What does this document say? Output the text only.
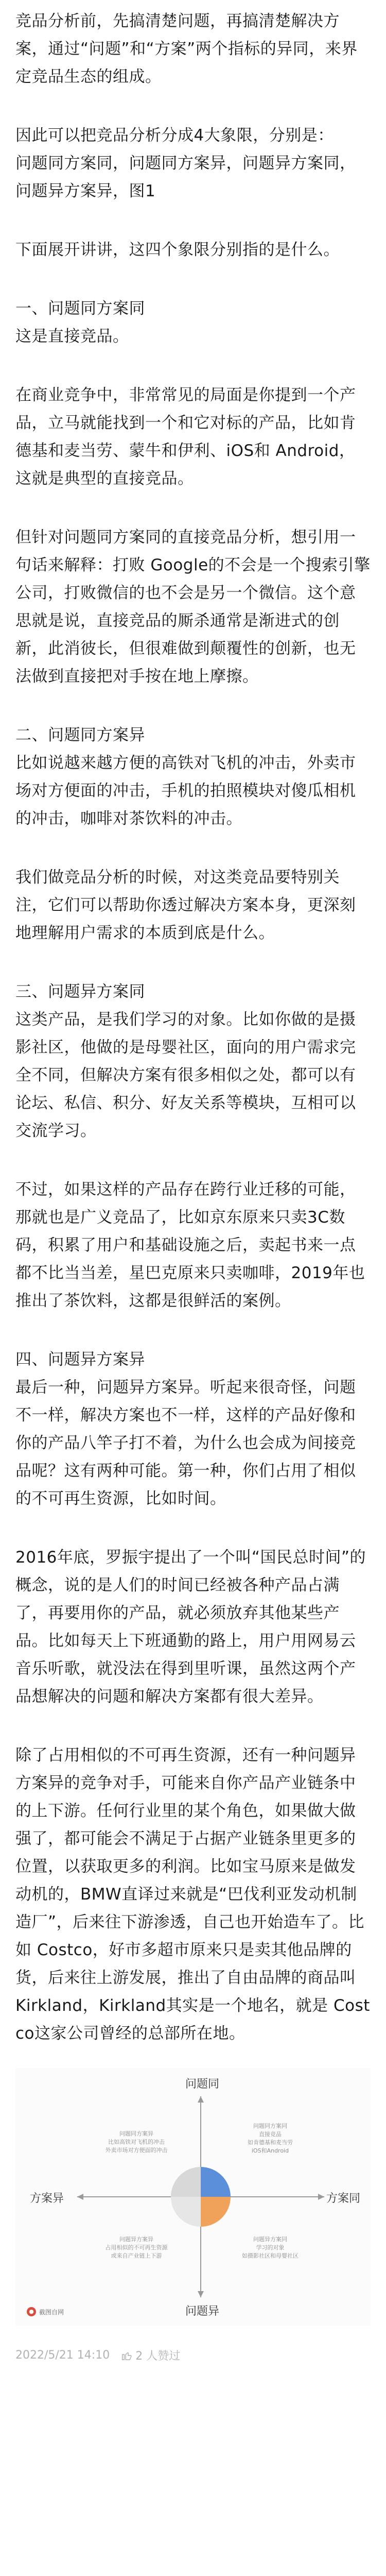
竞品分析前，先搞清楚问题，再搞清楚解决方案，通过“问题”和“方案”两个指标的异同，来界定竞品生态的组成。

因此可以把竞品分析分成4大象限，分别是：
问题同方案同，问题同方案异，问题异方案同，问题异方案异，图1

下面展开讲讲，这四个象限分别指的是什么。

一、问题同方案同
这是直接竞品。

在商业竞争中，非常常见的局面是你提到一个产品，立马就能找到一个和它对标的产品，比如肯德基和麦当劳、蒙牛和伊利、iOS和 Android，这就是典型的直接竞品。

但针对问题同方案同的直接竞品分析，想引用一句话来解释：打败 Google的不会是一个搜索引擎公司，打败微信的也不会是另一个微信。这个意思就是说，直接竞品的厮杀通常是渐进式的创新，此消彼长，但很难做到颠覆性的创新，也无法做到直接把对手按在地上摩擦。

二、问题同方案异
比如说越来越方便的高铁对飞机的冲击，外卖市场对方便面的冲击，手机的拍照模块对傻瓜相机的冲击，咖啡对茶饮料的冲击。

我们做竞品分析的时候，对这类竞品要特别关注，它们可以帮助你透过解决方案本身，更深刻地理解用户需求的本质到底是什么。

三、问题异方案同
这类产品，是我们学习的对象。比如你做的是摄影社区，他做的是母婴社区，面向的用户需求完全不同，但解决方案有很多相似之处，都可以有论坛、私信、积分、好友关系等模块，互相可以交流学习。

不过，如果这样的产品存在跨行业迁移的可能，那就也是广义竞品了，比如京东原来只卖3C数码，积累了用户和基础设施之后，卖起书来一点都不比当当差，星巴克原来只卖咖啡，2019年也推出了茶饮料，这都是很鲜活的案例。

四、问题异方案异
最后一种，问题异方案异。听起来很奇怪，问题不一样，解决方案也不一样，这样的产品好像和你的产品八竿子打不着，为什么也会成为间接竞品呢？这有两种可能。第一种，你们占用了相似的不可再生资源，比如时间。

2016年底，罗振宇提出了一个叫“国民总时间”的概念，说的是人们的时间已经被各种产品占满了，再要用你的产品，就必须放弃其他某些产品。比如每天上下班通勤的路上，用户用网易云音乐听歌，就没法在得到里听课，虽然这两个产品想解决的问题和解决方案都有很大差异。

除了占用相似的不可再生资源，还有一种问题异方案异的竞争对手，可能来自你产品产业链条中的上下游。任何行业里的某个角色，如果做大做强了，都可能会不满足于占据产业链条里更多的位置，以获取更多的利润。比如宝马原来是做发动机的，BMW直译过来就是“巴伐利亚发动机制造厂”，后来往下游渗透，自己也开始造车了。比如 Costco，好市多超市原来只是卖其他品牌的货，后来往上游发展，推出了自由品牌的商品叫 Kirkland，Kirkland其实是一个地名，就是 Costco这家公司曾经的总部所在地。

问题同
问题异
方案异	方案同
问题同方案异
比如高铁对飞机的冲击
外卖市场对方便面的冲击
问题同方案同
直接竞品
如肯德基和麦当劳
iOS和Android
问题异方案异
占用相似的不可再生资源
或来自产业链上下游
问题异方案同
学习的对象
如摄影社区和母婴社区
● 截图自网
2022/5/21 14:10 2 人赞过
